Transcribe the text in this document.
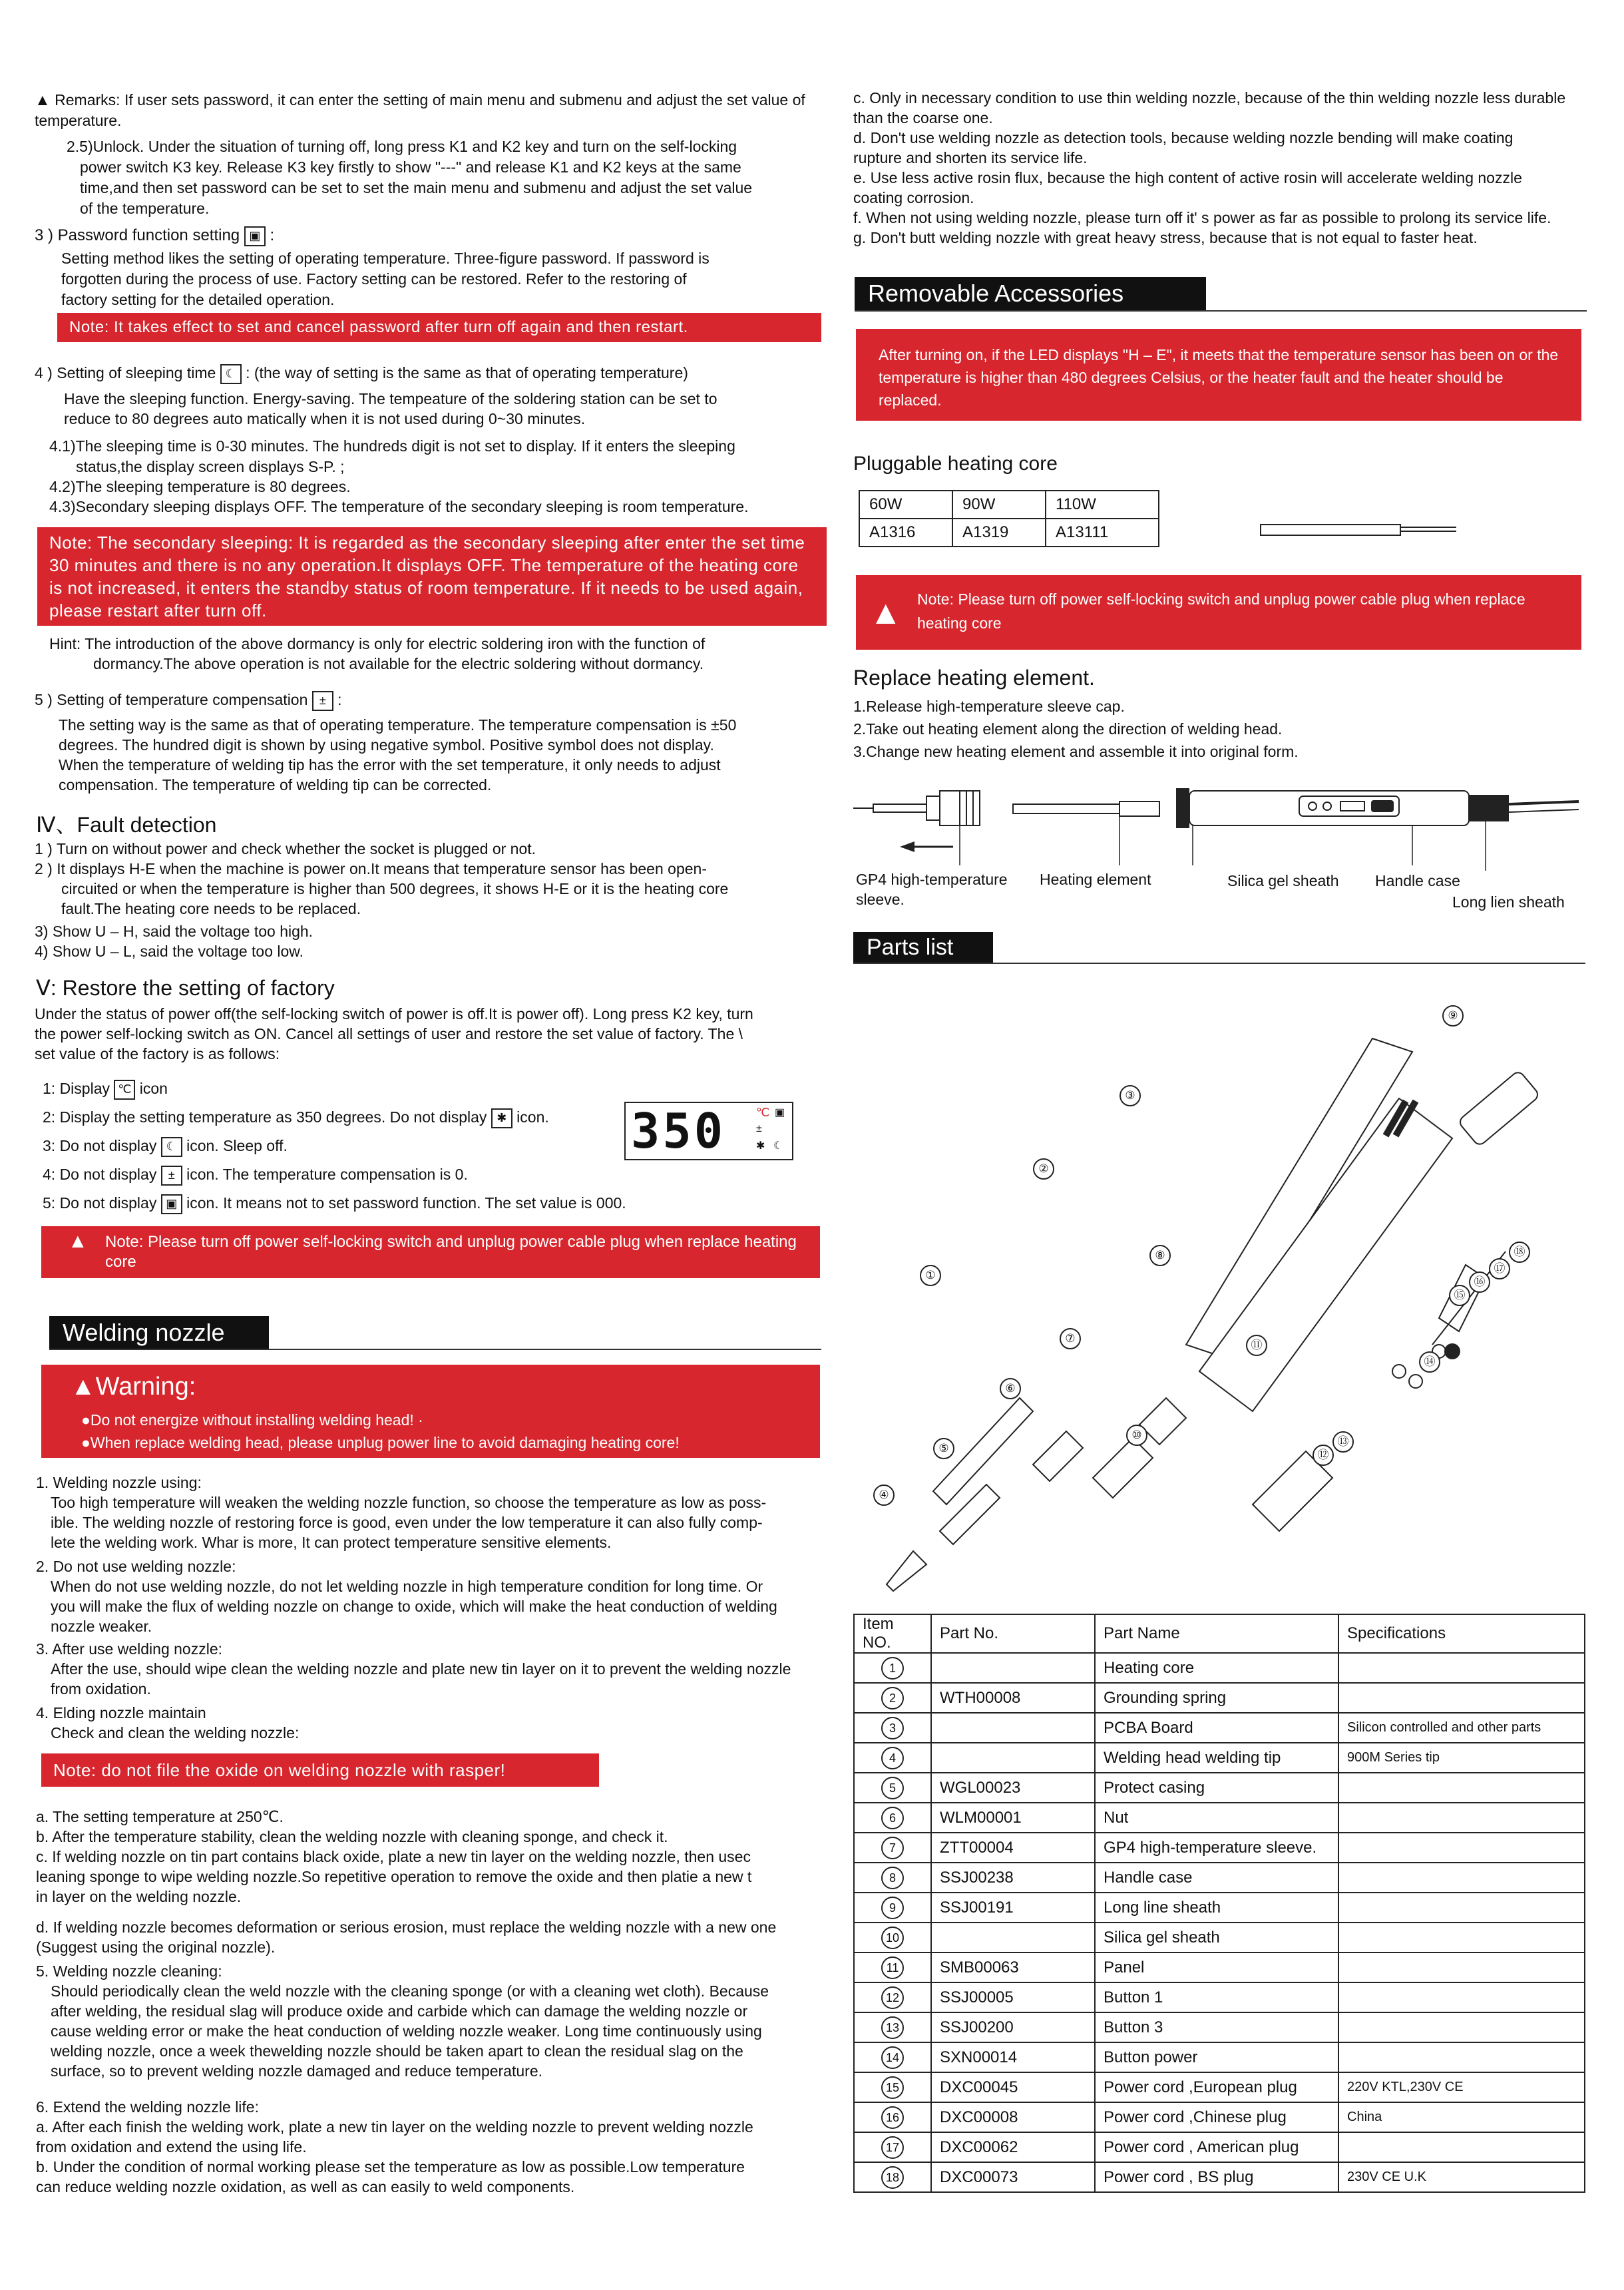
▲ Remarks: If user sets password, it can enter the setting of main menu and submenu and adjust the set value of temperature.
2.5)Unlock. Under the situation of turning off, long press K1 and K2 key and turn on the self-locking
power switch K3 key. Release K3 key firstly to show "---" and release K1 and K2 keys at the same
time,and then set password can be set to set the main menu and submenu and adjust the set value
of the temperature.
3 ) Password function setting ▣ :
Setting method likes the setting of operating temperature. Three-figure password. If password is
forgotten during the process of use. Factory setting can be restored. Refer to the restoring of
factory setting for the detailed operation.
Note: It takes effect to set and cancel password after turn off again and then restart.
4 ) Setting of sleeping time ☾ : (the way of setting is the same as that of operating temperature)
Have the sleeping function. Energy-saving. The tempeature of the soldering station can be set to
reduce to 80 degrees auto matically when it is not used during 0~30 minutes.
4.1)The sleeping time is 0-30 minutes. The hundreds digit is not set to display. If it enters the sleeping
status,the display screen displays S-P. ;
4.2)The sleeping temperature is 80 degrees.
4.3)Secondary sleeping displays OFF. The temperature of the secondary sleeping is room temperature.
Note: The secondary sleeping: It is regarded as the secondary sleeping after enter the set time 30 minutes and there is no any operation.It displays OFF. The temperature of the heating core is not increased, it enters the standby status of room temperature. If it needs to be used again, please restart after turn off.
Hint: The introduction of the above dormancy is only for electric soldering iron with the function of
dormancy.The above operation is not available for the electric soldering without dormancy.
5 ) Setting of temperature compensation ± :
The setting way is the same as that of operating temperature. The temperature compensation is ±50
degrees. The hundred digit is shown by using negative symbol. Positive symbol does not display.
When the temperature of welding tip has the error with the set temperature, it only needs to adjust
compensation. The temperature of welding tip can be corrected.
Ⅳ、Fault detection
1 ) Turn on without power and check whether the socket is plugged or not.
2 ) It displays H-E when the machine is power on.It means that temperature sensor has been open-
circuited or when the temperature is higher than 500 degrees, it shows H-E or it is the heating core
fault.The heating core needs to be replaced.
3) Show U – H, said the voltage too high.
4) Show U – L, said the voltage too low.
Ⅴ: Restore the setting of factory
Under the status of power off(the self-locking switch of power is off.It is power off). Long press K2 key, turn
the power self-locking switch as ON. Cancel all settings of user and restore the set value of factory. The \
set value of the factory is as follows:
1: Display ℃ icon
2: Display the setting temperature as 350 degrees. Do not display ✱ icon.
3: Do not display ☾ icon. Sleep off.
4: Do not display ± icon. The temperature compensation is 0.
5: Do not display ▣ icon. It means not to set password function. The set value is 000.
350	℃ ▣
±
✱ ☾
▲ Note: Please turn off power self-locking switch and unplug power cable plug when replace heating core
Welding nozzle
▲Warning:
●Do not energize without installing welding head! ·
●When replace welding head, please unplug power line to avoid damaging heating core!
1. Welding nozzle using:
Too high temperature will weaken the welding nozzle function, so choose the temperature as low as poss-
ible. The welding nozzle of restoring force is good, even under the low temperature it can also fully comp-
lete the welding work. Whar is more, It can protect temperature sensitive elements.
2. Do not use welding nozzle:
When do not use welding nozzle, do not let welding nozzle in high temperature condition for long time. Or
you will make the flux of welding nozzle on change to oxide, which will make the heat conduction of welding
nozzle weaker.
3. After use welding nozzle:
After the use, should wipe clean the welding nozzle and plate new tin layer on it to prevent the welding nozzle
from oxidation.
4. Elding nozzle maintain
Check and clean the welding nozzle:
Note: do not file the oxide on welding nozzle with rasper!
a. The setting temperature at 250℃.
b. After the temperature stability, clean the welding nozzle with cleaning sponge, and check it.
c. If welding nozzle on tin part contains black oxide, plate a new tin layer on the welding nozzle, then usec
leaning sponge to wipe welding nozzle.So repetitive operation to remove the oxide and then platie a new t
in layer on the welding nozzle.
d. If welding nozzle becomes deformation or serious erosion, must replace the welding nozzle with a new one
(Suggest using the original nozzle).
5. Welding nozzle cleaning:
Should periodically clean the weld nozzle with the cleaning sponge (or with a cleaning wet cloth). Because
after welding, the residual slag will produce oxide and carbide which can damage the welding nozzle or
cause welding error or make the heat conduction of welding nozzle weaker. Long time continuously using
welding nozzle, once a week thewelding nozzle should be taken apart to clean the residual slag on the
surface, so to prevent welding nozzle damaged and reduce temperature.
6. Extend the welding nozzle life:
a. After each finish the welding work, plate a new tin layer on the welding nozzle to prevent welding nozzle
from oxidation and extend the using life.
b. Under the condition of normal working please set the temperature as low as possible.Low temperature
can reduce welding nozzle oxidation, as well as can easily to weld components.
c. Only in necessary condition to use thin welding nozzle, because of the thin welding nozzle less durable
than the coarse one.
d. Don't use welding nozzle as detection tools, because welding nozzle bending will make coating
rupture and shorten its service life.
e. Use less active rosin flux, because the high content of active rosin will accelerate welding nozzle
coating corrosion.
f. When not using welding nozzle, please turn off it' s power as far as possible to prolong its service life.
g. Don't butt welding nozzle with great heavy stress, because that is not equal to faster heat.
Removable Accessories
After turning on, if the LED displays "H – E", it meets that the temperature sensor has been on or the temperature is higher than 480 degrees Celsius, or the heater fault and the heater should be replaced.
Pluggable heating core
60W	90W	110W
A1316	A1319	A13111
▲ Note: Please turn off power self-locking switch and unplug power cable plug when replace heating core
Replace heating element.
1.Release high-temperature sleeve cap.
2.Take out heating element along the direction of welding head.
3.Change new heating element and assemble it into original form.
GP4 high-temperature
sleeve.
Heating element	Silica gel sheath Handle case
Long lien sheath
Parts list
⑨
③
②
⑧
①
⑦
⑪
⑥
⑩
⑤
④
⑬
⑫
⑭
⑮
⑯
⑰
⑱
Item NO.	Part No.	Part Name	Specifications
1		Heating core	
2	WTH00008	Grounding spring	
3		PCBA Board	Silicon controlled and other parts
4		Welding head welding tip	900M Series tip
5	WGL00023	Protect casing	
6	WLM00001	Nut	
7	ZTT00004	GP4 high-temperature sleeve.	
8	SSJ00238	Handle case	
9	SSJ00191	Long line sheath	
10		Silica gel sheath	
11	SMB00063	Panel	
12	SSJ00005	Button 1	
13	SSJ00200	Button 3	
14	SXN00014	Button power	
15	DXC00045	Power cord ,European plug	220V KTL,230V CE
16	DXC00008	Power cord ,Chinese plug	China
17	DXC00062	Power cord , American plug	
18	DXC00073	Power cord , BS plug	230V CE U.K
